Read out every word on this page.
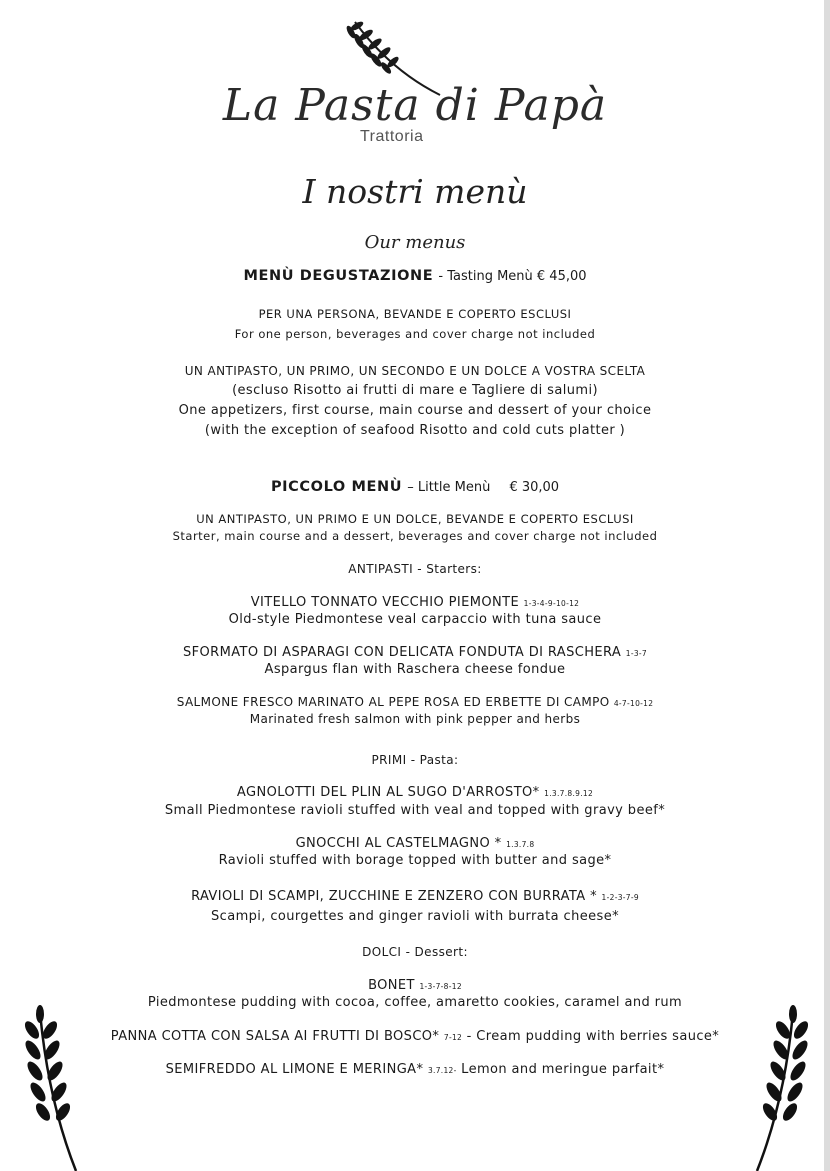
La Pasta di Papà
Trattoria
I nostri menù
Our menus
MENÙ DEGUSTAZIONE - Tasting Menù € 45,00
PER UNA PERSONA, BEVANDE E COPERTO ESCLUSI
For one person, beverages and cover charge not included
UN ANTIPASTO, UN PRIMO, UN SECONDO E UN DOLCE A VOSTRA SCELTA
(escluso Risotto ai frutti di mare e Tagliere di salumi)
One appetizers, first course, main course and dessert of your choice
(with the exception of seafood Risotto and cold cuts platter )
PICCOLO MENÙ – Little Menù € 30,00
UN ANTIPASTO, UN PRIMO E UN DOLCE, BEVANDE E COPERTO ESCLUSI
Starter, main course and a dessert, beverages and cover charge not included
ANTIPASTI - Starters:
VITELLO TONNATO VECCHIO PIEMONTE 1-3-4-9-10-12
Old-style Piedmontese veal carpaccio with tuna sauce
SFORMATO DI ASPARAGI CON DELICATA FONDUTA DI RASCHERA 1-3-7
Aspargus flan with Raschera cheese fondue
SALMONE FRESCO MARINATO AL PEPE ROSA ED ERBETTE DI CAMPO 4-7-10-12
Marinated fresh salmon with pink pepper and herbs
PRIMI - Pasta:
AGNOLOTTI DEL PLIN AL SUGO D'ARROSTO* 1.3.7.8.9.12
Small Piedmontese ravioli stuffed with veal and topped with gravy beef*
GNOCCHI AL CASTELMAGNO * 1.3.7.8
Ravioli stuffed with borage topped with butter and sage*
RAVIOLI DI SCAMPI, ZUCCHINE E ZENZERO CON BURRATA * 1-2-3-7-9
Scampi, courgettes and ginger ravioli with burrata cheese*
DOLCI - Dessert:
BONET 1-3-7-8-12
Piedmontese pudding with cocoa, coffee, amaretto cookies, caramel and rum
PANNA COTTA CON SALSA AI FRUTTI DI BOSCO* 7-12 - Cream pudding with berries sauce*
SEMIFREDDO AL LIMONE E MERINGA* 3.7.12- Lemon and meringue parfait*
